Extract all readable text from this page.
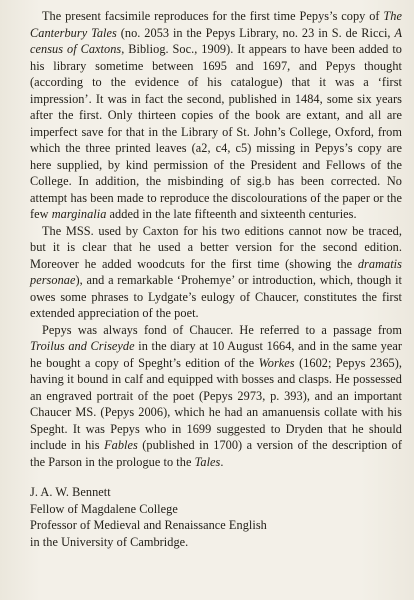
The present facsimile reproduces for the first time Pepys’s copy of The Canterbury Tales (no. 2053 in the Pepys Library, no. 23 in S. de Ricci, A census of Caxtons, Bibliog. Soc., 1909). It appears to have been added to his library sometime between 1695 and 1697, and Pepys thought (according to the evidence of his catalogue) that it was a ‘first impression’. It was in fact the second, published in 1484, some six years after the first. Only thirteen copies of the book are extant, and all are imperfect save for that in the Library of St. John’s College, Oxford, from which the three printed leaves (a2, c4, c5) missing in Pepys’s copy are here supplied, by kind permission of the President and Fellows of the College. In addition, the misbinding of sig.b has been corrected. No attempt has been made to reproduce the discolourations of the paper or the few marginalia added in the late fifteenth and sixteenth centuries.

The MSS. used by Caxton for his two editions cannot now be traced, but it is clear that he used a better version for the second edition. Moreover he added woodcuts for the first time (showing the dramatis personae), and a remarkable ‘Prohemye’ or introduction, which, though it owes some phrases to Lydgate’s eulogy of Chaucer, constitutes the first extended appreciation of the poet.

Pepys was always fond of Chaucer. He referred to a passage from Troilus and Criseyde in the diary at 10 August 1664, and in the same year he bought a copy of Speght’s edition of the Workes (1602; Pepys 2365), having it bound in calf and equipped with bosses and clasps. He possessed an engraved portrait of the poet (Pepys 2973, p. 393), and an important Chaucer MS. (Pepys 2006), which he had an amanuensis collate with his Speght. It was Pepys who in 1699 suggested to Dryden that he should include in his Fables (published in 1700) a version of the description of the Parson in the prologue to the Tales.

J. A. W. Bennett
Fellow of Magdalene College
Professor of Medieval and Renaissance English
in the University of Cambridge.
